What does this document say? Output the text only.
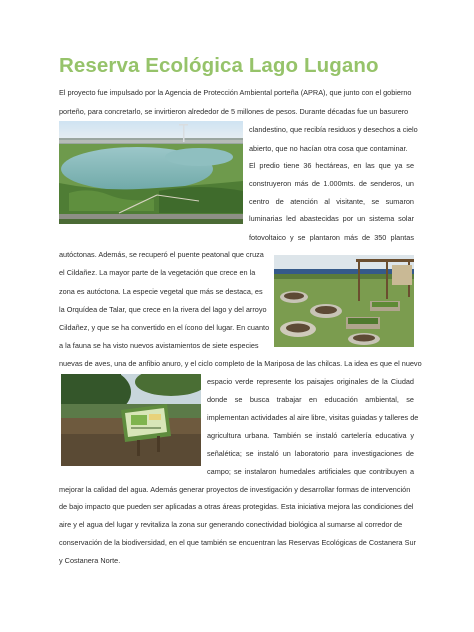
Reserva Ecológica Lago Lugano
El proyecto fue impulsado por la Agencia de Protección Ambiental porteña (APRA), que junto con el gobierno
porteño, para concretarlo, se invirtieron alrededor de 5 millones de pesos. Durante décadas fue un basurero
clandestino, que recibía residuos y desechos a cielo
abierto, que no hacían otra cosa que contaminar.
El predio tiene 36 hectáreas, en las que ya se
construyeron más de 1.000mts. de senderos, un
centro de atención al visitante, se sumaron
luminarias led abastecidas por un sistema solar
fotovoltaico y se plantaron más de 350 plantas
autóctonas. Además, se recuperó el puente peatonal que cruza
el Cildañez. La mayor parte de la vegetación que crece en la
zona es autóctona. La especie vegetal que más se destaca, es
la Orquídea de Talar, que crece en la rivera del lago y del arroyo
Cildañez, y que se ha convertido en el ícono del lugar. En cuanto
a la fauna se ha visto nuevos avistamientos de siete especies
nuevas de aves, una de anfibio anuro, y el ciclo completo de la Mariposa de las chilcas. La idea es que el nuevo
espacio verde represente los paisajes originales de la Ciudad
donde se busca trabajar en educación ambiental, se
implementan actividades al aire libre, visitas guiadas y talleres de
agricultura urbana. También se instaló cartelería educativa y
señalética; se instaló un laboratorio para investigaciones de
campo; se instalaron humedales artificiales que contribuyen a
mejorar la calidad del agua. Además generar proyectos de investigación y desarrollar formas de intervención
de bajo impacto que pueden ser aplicadas a otras áreas protegidas. Esta iniciativa mejora las condiciones del
aire y el agua del lugar y revitaliza la zona sur generando conectividad biológica al sumarse al corredor de
conservación de la biodiversidad, en el que también se encuentran las Reservas Ecológicas de Costanera Sur
y Costanera Norte.
